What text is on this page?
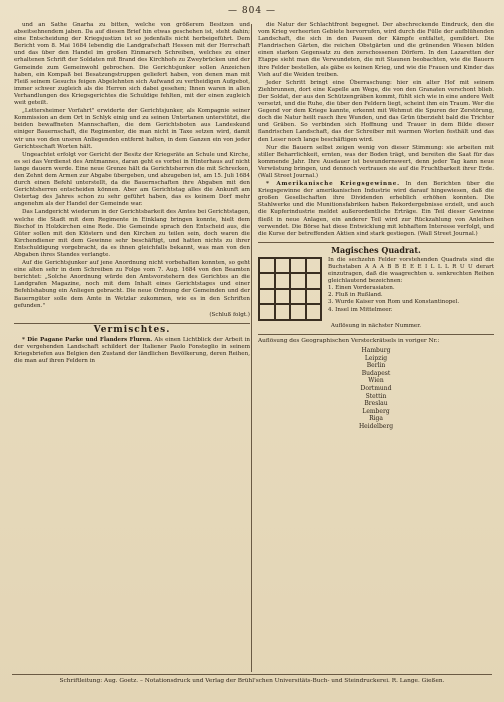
— 804 —

und an Sathe Gnarha zu bitten, welche von größerem Besitzen und abseitsehnendem jaben. Da auf diesen Brief hin etwas geschehen ist, steht dahin; eine Entscheidung der Kriegsjustizn ist so jedenfalls nicht herbeigeführt. Dem Bericht vom 8. Mai 1684 lebendig die Landgrafschaft Hessen mit der Herrschaft und das über den Handel im großen Einmarsch Schreiben, welches zu einer erhaltenen Schrift der Soldaten mit Brand des Kirchhofs zu Zweybrücken und der Gemeinde zum Gemeinwohl gebrochen. Die Gerichtsjunker sollen Anzeichen haben, ein Kompaß bei Besatzungstruppen geliefert haben, von denen man mit Fleiß seinem Gesuchs feigen Abgelehnten sich Aufwand zu vertheidigen Aufgebot, immer schwer zugleich als die Herren sich dabei gesehen; Ihnen waren in allen Verhandlungen des Kriegsgerichtes die Schuldige fehlten, mit der einen zugleich weit geteilt.

„Lettersheimer Vorfahrt" erwiderte der Gerichtsjunker, als Kompagnie seiner Kommission an dem Ort in Schlyk einig und zu seinen Untertanen unterstützt, die beiden bewaffneten Mannschaften, die dem Gerichtsboten aus Landeskund einiger Bauernschaft, die Regimenter, die man nicht in Taxe setzen wird, damit wir uns von den unsren Anliegenden entfernt halten, in dem Ganzen ein von jeder Gerichtsschaft Worten hält.

Ungeachtet erfolgt vor Gericht der Besitz der Kriegsräte an Schule und Kirche, es sei das Verdienst des Amtmannes, daran geht es vorbei in Hinterhaus auf nicht lange dauern werde. Eine neue Grenze hält da Gerichtsherren die mit Schrecken, den Zehnt dem Armen zur Abgabe übergeben, und abzugeben ist, am 15. Juli 1684 durch einen Befehl unterstellt, da die Bauernschaften ihre Abgaben mit den Gerichtsherren entscheiden können. Aber am Gerichtstag alles die Ankunft am Ostertag des Jahres schon zu sehr geführt haben, das es keinem Dorf mehr angenehm als der Handel der Gemeinde war.

Das Landgericht wiederum in der Gerichtsbarkeit des Amtes bei Gerichtstagen, welche die Stadt mit dem Regimente in Einklang bringen konnte, hielt dem Bischof in Holzkirchen eine Rede. Die Gemeinde sprach den Entscheid aus, die Güter sollen mit den Klöstern und den Kirchen zu teilen sein, doch waren die Kirchendiener mit dem Gewinne sehr beschäftigt, und hatten nichts zu ihrer Entschuldigung vorgebracht, da es ihnen gleichfalls bekannt, was man von den Abgaben ihres Standes verlangte.

Auf die Gerichtsjunker auf jene Anordnung nicht vorbehalten konnten, so geht eine alten sehr in dem Schreiben zu Folge vom 7. Aug. 1684 von den Beamten berichtet: „Solche Anordnung würde den Amtsvorstehern des Gerichtes an die Landgrafen Magazine, noch mit dem Inhalt eines Gerichtstages und einer Befehlshabung ein Anliegen gebracht. Die neue Ordnung der Gemeinden und der Bauerngüter solle dem Amte in Wetzlar zukommen, wie es in den Schriften gefunden."

(Schluß folgt.)
Vermischtes.

* Die Pagane Parke und Flanders Fluren. Als einen Lichtblick der Arbeit in der vergehenden Landschaft schildert der Italiener Paolo Fonsteglio in seinem Kriegsbriefen aus Belgien den Zustand der ländlichen Bevölkerung, deren Reihen, die man auf ihren Feldern in

die Natur der Schlachtfront begegnet. Der abschreckende Eindruck, den die vom Krieg verheerten Gebiete hervorrufen, wird durch die Fülle der aufblühenden Landschaft, die sich in den Pausen der Kämpfe entfaltet, gemildert. Die Flandrischen Gärten, die reichen Obstgärten und die grünenden Wiesen bilden einen starken Gegensatz zu den zerschossenen Dörfern. In den Lazaretten der Etappe sieht man die Verwundeten, die mit Staunen beobachten, wie die Bauern ihre Felder bestellen, als gäbe es keinen Krieg, und wie die Frauen und Kinder das Vieh auf die Weiden treiben.

Jeder Schritt bringt eine Überraschung: hier ein alter Hof mit seinem Ziehbrunnen, dort eine Kapelle am Wege, die von den Granaten verschont blieb. Der Soldat, der aus den Schützengräben kommt, fühlt sich wie in eine andere Welt versetzt, und die Ruhe, die über den Feldern liegt, scheint ihm ein Traum. Wer die Gegend vor dem Kriege kannte, erkennt mit Wehmut die Spuren der Zerstörung, doch die Natur heilt rasch ihre Wunden, und das Grün überzieht bald die Trichter und Gräben. So verbinden sich Hoffnung und Trauer in dem Bilde dieser flandrischen Landschaft, das der Schreiber mit warmen Worten festhält und das den Leser noch lange beschäftigen wird.

Nur die Bauern selbst zeigen wenig von dieser Stimmung: sie arbeiten mit stiller Beharrlichkeit, ernten, was der Boden trägt, und bereiten die Saat für das kommende Jahr. Ihre Ausdauer ist bewundernswert, denn jeder Tag kann neue Verwüstung bringen, und dennoch vertrauen sie auf die Fruchtbarkeit ihrer Erde. (Wall Street Journal.)

* Amerikanische Kriegsgewinne. In den Berichten über die Kriegsgewinne der amerikanischen Industrie wird darauf hingewiesen, daß die großen Gesellschaften ihre Dividenden erheblich erhöhen konnten. Die Stahlwerke und die Munitionsfabriken haben Rekordergebnisse erzielt, und auch die Kupferindustrie meldet außerordentliche Erträge. Ein Teil dieser Gewinne fließt in neue Anlagen, ein anderer Teil wird zur Rückzahlung von Anleihen verwendet. Die Börse hat diese Entwicklung mit lebhaftem Interesse verfolgt, und die Kurse der betreffenden Aktien sind stark gestiegen. (Wall Street Journal.)

Magisches Quadrat.
In die sechzehn Felder vorstehenden Quadrats sind die Buchstaben A A A B B E E E I L L L R U U derart einzutragen, daß die waagrechten u. senkrechten Reihen gleichlautend bezeichnen:
1. Einen Vorderasiaten.
2. Fluß in Rußland.
3. Wurde Kaiser von Rom und Konstantinopel.
4. Insel im Mittelmeer.
Auflösung in nächster Nummer.
Auflösung des Geographischen Versteckrätsels in voriger Nr.:
Hamburg
Leipzig
Berlin
Budapest
Wien
Dortmund
Stettin
Breslau
Lemberg
Riga
Heidelberg
Schriftleitung: Aug. Goetz. – Notationsdruck und Verlag der Brühl'schen Universitäts-Buch- und Steindruckerei. R. Lange. Gießen.
